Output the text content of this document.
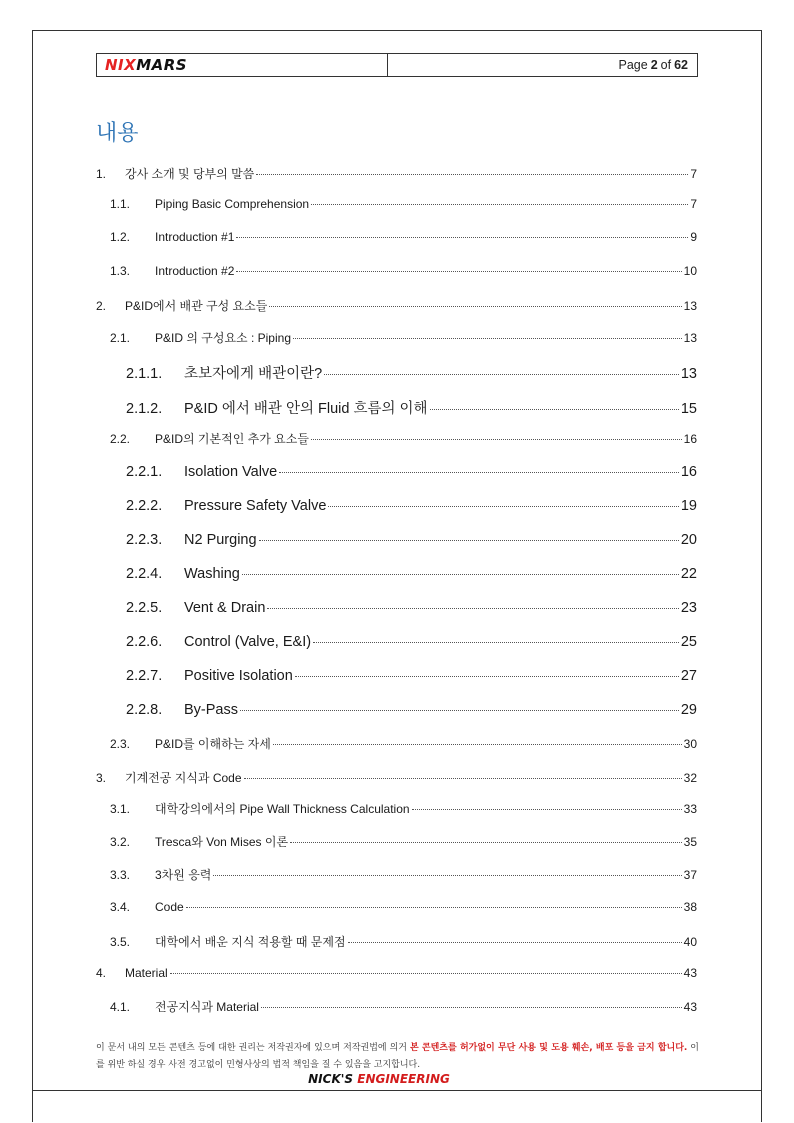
NIXMARS	Page 2 of 62
내용
1.	강사 소개 및 당부의 말씀	7
1.1.	Piping Basic Comprehension	7
1.2.	Introduction #1	9
1.3.	Introduction #2	10
2.	P&ID에서 배관 구성 요소들	13
2.1.	P&ID 의 구성요소 : Piping	13
2.1.1.	초보자에게 배관이란?	13
2.1.2.	P&ID 에서 배관 안의 Fluid 흐름의 이해	15
2.2.	P&ID의 기본적인 추가 요소들	16
2.2.1.	Isolation Valve	16
2.2.2.	Pressure Safety Valve	19
2.2.3.	N2 Purging	20
2.2.4.	Washing	22
2.2.5.	Vent & Drain	23
2.2.6.	Control (Valve, E&I)	25
2.2.7.	Positive Isolation	27
2.2.8.	By-Pass	29
2.3.	P&ID를 이해하는 자세	30
3.	기계전공 지식과 Code	32
3.1.	대학강의에서의 Pipe Wall Thickness Calculation	33
3.2.	Tresca와 Von Mises 이론	35
3.3.	3차원 응력	37
3.4.	Code	38
3.5.	대학에서 배운 지식 적용할 때 문제점	40
4.	Material	43
4.1.	전공지식과 Material	43
이 문서 내의 모든 콘텐츠 등에 대한 권리는 저작권자에 있으며 저작권법에 의거 본 콘텐츠를 허가없이 무단 사용 및 도용 훼손, 배포 등을 금지 합니다. 이를 위반 하실 경우 사전 경고없이 민형사상의 법적 책임을 질 수 있음을 고지합니다.
NICK'S ENGINEERING
